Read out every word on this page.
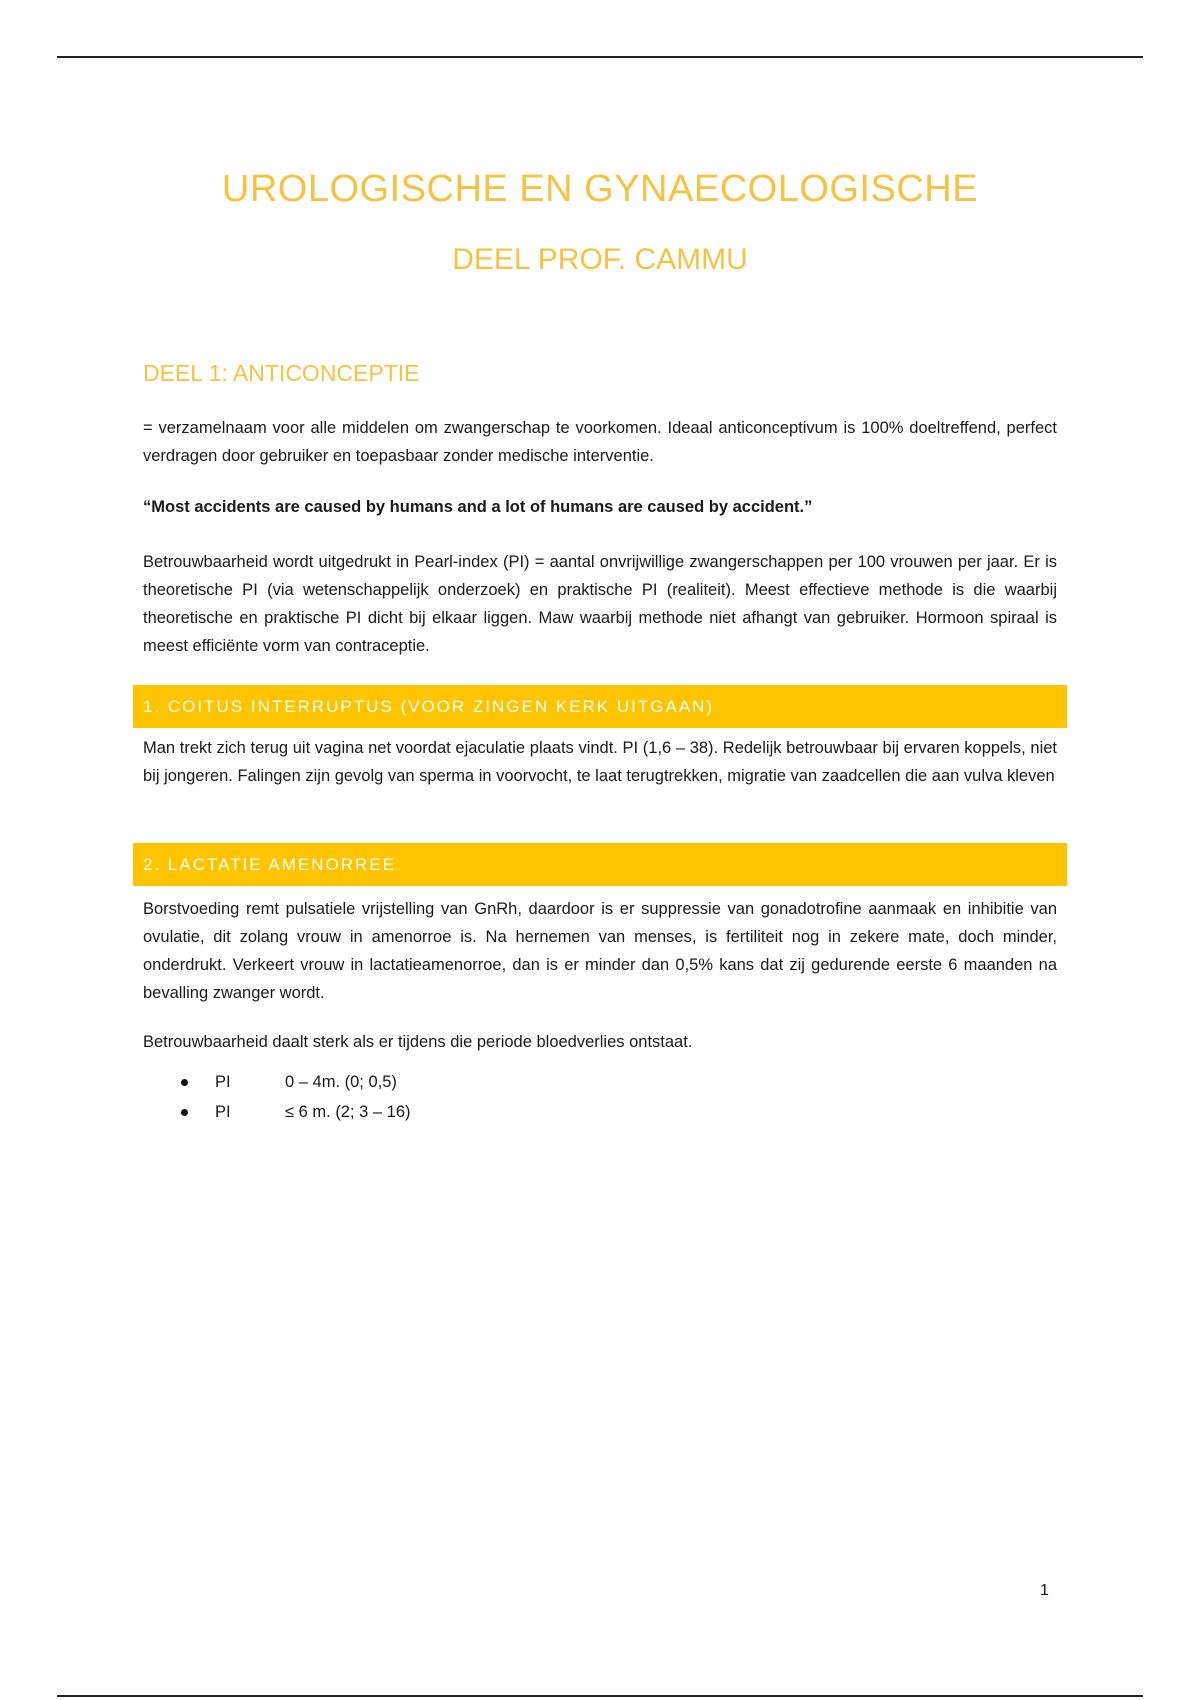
UROLOGISCHE EN GYNAECOLOGISCHE
DEEL PROF. CAMMU
DEEL 1: ANTICONCEPTIE

= verzamelnaam voor alle middelen om zwangerschap te voorkomen. Ideaal anticonceptivum is 100% doeltreffend, perfect verdragen door gebruiker en toepasbaar zonder medische interventie.

“Most accidents are caused by humans and a lot of humans are caused by accident.”

Betrouwbaarheid wordt uitgedrukt in Pearl-index (PI) = aantal onvrijwillige zwangerschappen per 100 vrouwen per jaar. Er is theoretische PI (via wetenschappelijk onderzoek) en praktische PI (realiteit). Meest effectieve methode is die waarbij theoretische en praktische PI dicht bij elkaar liggen. Maw waarbij methode niet afhangt van gebruiker. Hormoon spiraal is meest efficiënte vorm van contraceptie.

1. COITUS INTERRUPTUS (VOOR ZINGEN KERK UITGAAN)

Man trekt zich terug uit vagina net voordat ejaculatie plaats vindt. PI (1,6 – 38). Redelijk betrouwbaar bij ervaren koppels, niet bij jongeren. Falingen zijn gevolg van sperma in voorvocht, te laat terugtrekken, migratie van zaadcellen die aan vulva kleven

2. LACTATIE AMENORREE

Borstvoeding remt pulsatiele vrijstelling van GnRh, daardoor is er suppressie van gonadotrofine aanmaak en inhibitie van ovulatie, dit zolang vrouw in amenorroe is. Na hernemen van menses, is fertiliteit nog in zekere mate, doch minder, onderdrukt. Verkeert vrouw in lactatieamenorroe, dan is er minder dan 0,5% kans dat zij gedurende eerste 6 maanden na bevalling zwanger wordt.

Betrouwbaarheid daalt sterk als er tijdens die periode bloedverlies ontstaat.

PI	0 – 4m. (0; 0,5)
PI	≤ 6 m. (2; 3 – 16)
1
